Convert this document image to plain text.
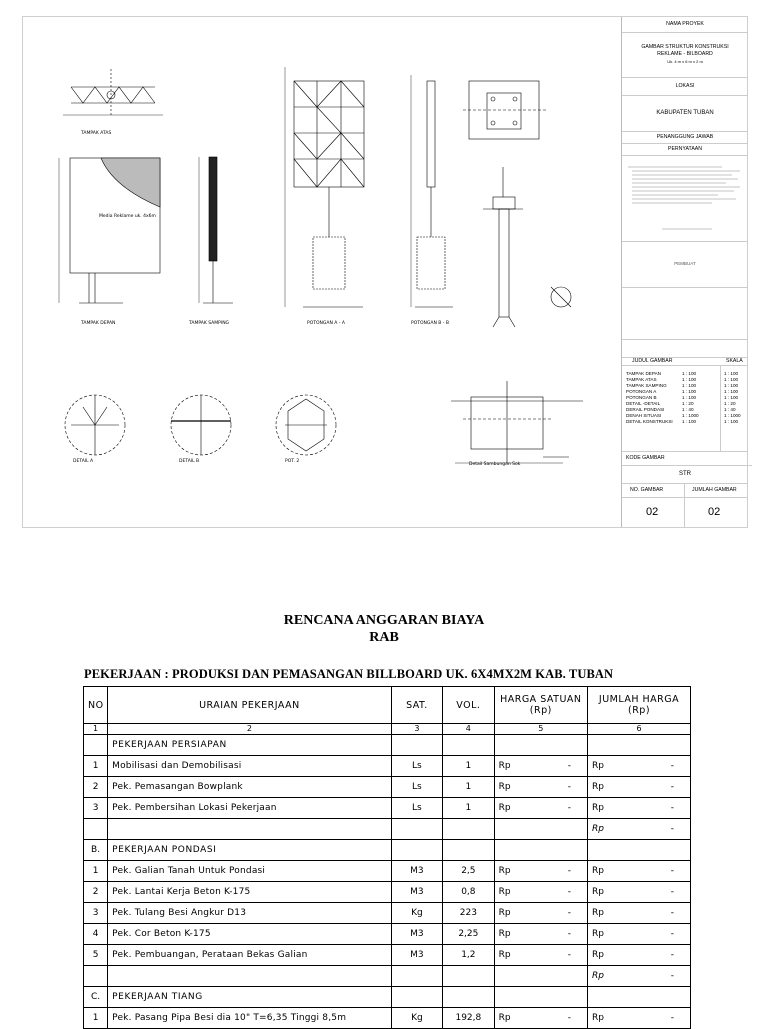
TAMPAK ATAS
Media Reklame uk. 4x6m
TAMPAK DEPAN	TAMPAK SAMPING	POTONGAN A - A	POTONGAN B - B
DETAIL A	DETAIL B	POT. 2
Detail Sambungan Sok
NAMA PROYEK
GAMBAR STRUKTUR KONSTRUKSI
REKLAME - BILBOARD
Uk. 4 m x 6 m x 2 m
LOKASI
KABUPATEN TUBAN
PENANGGUNG JAWAB
PERNYATAAN
PEMBUAT
JUDUL GAMBAR	SKALA
TAMPAK DEPAN	1 : 100	1 : 100
TAMPAK ATAS	1 : 100	1 : 100
TAMPAK SAMPING	1 : 100	1 : 100
POTONGAN A	1 : 100	1 : 100
POTONGAN B	1 : 100	1 : 100
DETAIL -DETAIL	1 : 20	1 : 20
DERAIL PONDASI	1 : 40	1 : 40
DENAH SITUASI	1 : 1000	1 : 1000
DETAIL KONSTRUKSI 1 : 100	1 : 100
KODE GAMBAR
STR
NO. GAMBAR	JUMLAH GAMBAR
02	02
RENCANA ANGGARAN BIAYA
RAB
PEKERJAAN : PRODUKSI DAN PEMASANGAN BILLBOARD UK. 6X4MX2M KAB. TUBAN
NO	URAIAN PEKERJAAN	SAT.	VOL.	HARGA SATUAN (Rp)	JUMLAH HARGA (Rp)
1	2	3	4	5	6
	PEKERJAAN PERSIAPAN				
1	Mobilisasi dan Demobilisasi	Ls	1	Rp -	Rp -

2	Pek. Pemasangan Bowplank	Ls	1	Rp -	Rp -

3	Pek. Pembersihan Lokasi Pekerjaan	Ls	1	Rp -	Rp -

					Rp -

B.	PEKERJAAN PONDASI				
1	Pek. Galian Tanah Untuk Pondasi	M3	2,5	Rp -	Rp -

2	Pek. Lantai Kerja Beton K-175	M3	0,8	Rp -	Rp -

3	Pek. Tulang Besi Angkur D13	Kg	223	Rp -	Rp -

4	Pek. Cor Beton K-175	M3	2,25	Rp -	Rp -

5	Pek. Pembuangan, Perataan Bekas Galian	M3	1,2	Rp -	Rp -

					Rp -

C.	PEKERJAAN TIANG				
1	Pek. Pasang Pipa Besi dia 10" T=6,35 Tinggi 8,5m	Kg	192,8	Rp -	Rp -
